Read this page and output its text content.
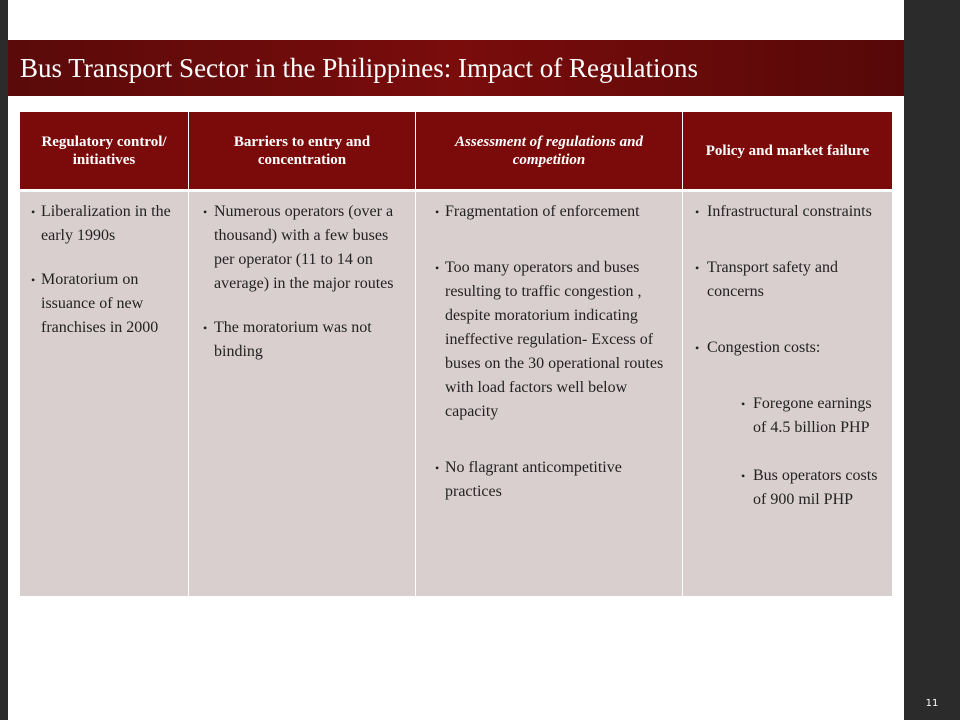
11
Bus Transport Sector in the Philippines: Impact of Regulations
Regulatory control/ initiatives
Barriers to entry and concentration
Assessment of regulations and competition
Policy and market failure
• Liberalization in the early 1990s
• Moratorium on issuance of new franchises in 2000
• Numerous operators (over a thousand) with a few buses per operator (11 to 14 on average) in the major routes
• The moratorium was not binding
• Fragmentation of enforcement
• Too many operators and buses resulting to traffic congestion , despite moratorium indicating ineffective regulation- Excess of buses on the 30 operational routes with load factors well below capacity
• No flagrant anticompetitive practices
• Infrastructural constraints
• Transport safety and concerns
• Congestion costs:
• Foregone earnings of 4.5 billion PHP
• Bus operators costs of 900 mil PHP
